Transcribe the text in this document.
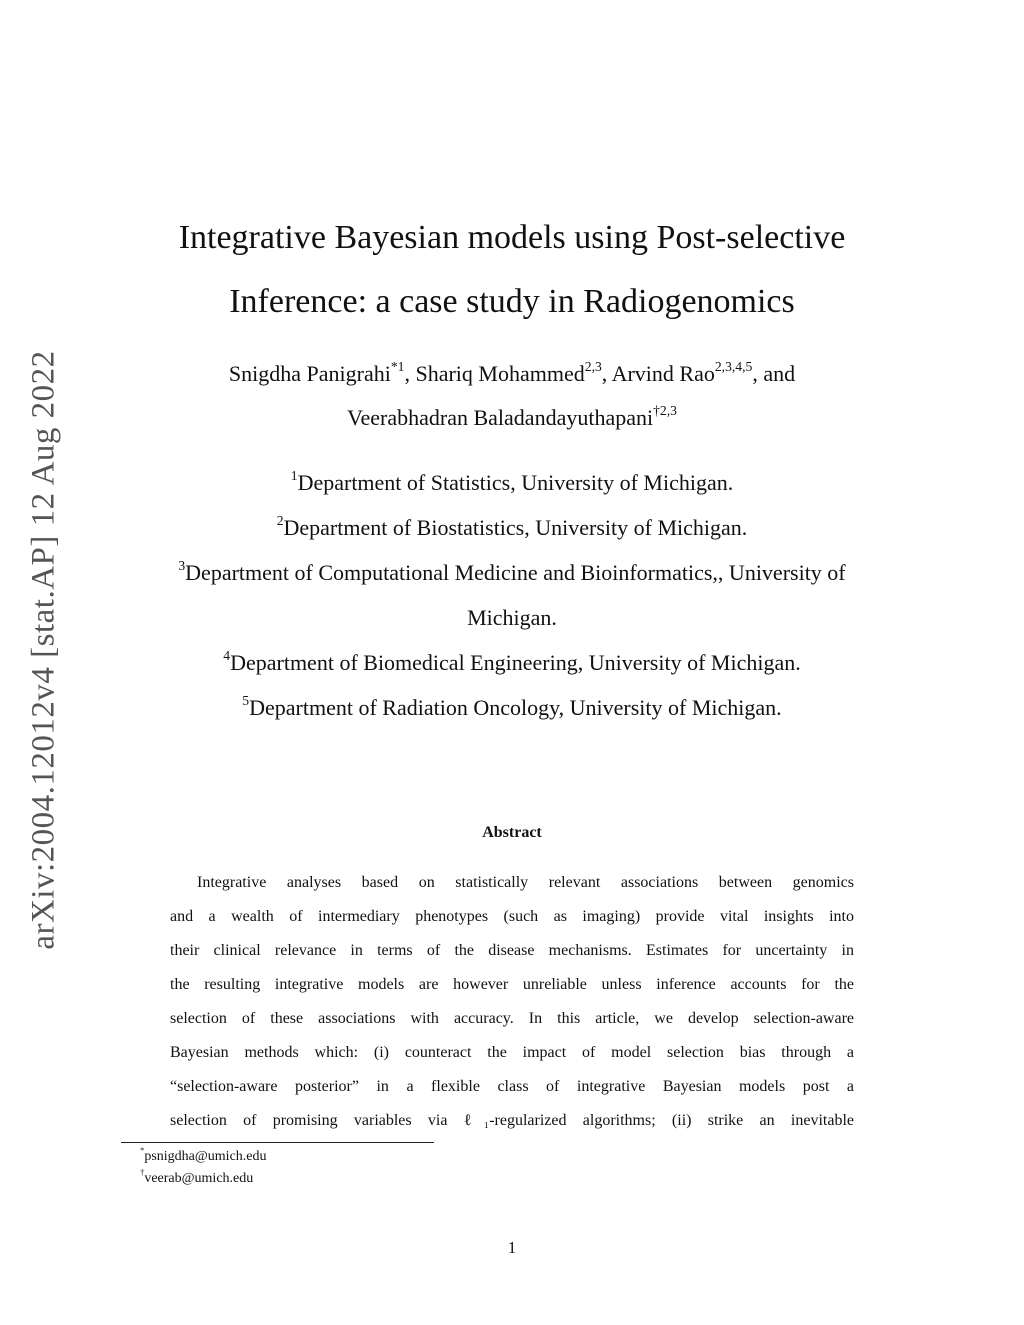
arXiv:2004.12012v4 [stat.AP] 12 Aug 2022
Integrative Bayesian models using Post-selective
Inference: a case study in Radiogenomics
Snigdha Panigrahi$^{*1}$, Shariq Mohammed$^{2,3}$, Arvind Rao$^{2,3,4,5}$, and
Veerabhadran Baladandayuthapani$^{\dagger 2,3}$
$^1$Department of Statistics, University of Michigan.
$^2$Department of Biostatistics, University of Michigan.
$^3$Department of Computational Medicine and Bioinformatics,, University of
Michigan.
$^4$Department of Biomedical Engineering, University of Michigan.
$^5$Department of Radiation Oncology, University of Michigan.
Abstract
Integrative analyses based on statistically relevant associations between genomics
and a wealth of intermediary phenotypes (such as imaging) provide vital insights into
their clinical relevance in terms of the disease mechanisms. Estimates for uncertainty in
the resulting integrative models are however unreliable unless inference accounts for the
selection of these associations with accuracy. In this article, we develop selection-aware
Bayesian methods which: (i) counteract the impact of model selection bias through a
“selection-aware posterior” in a flexible class of integrative Bayesian models post a
selection of promising variables via ℓ₁-regularized algorithms; (ii) strike an inevitable
*psnigdha@umich.edu
†veerab@umich.edu
1
